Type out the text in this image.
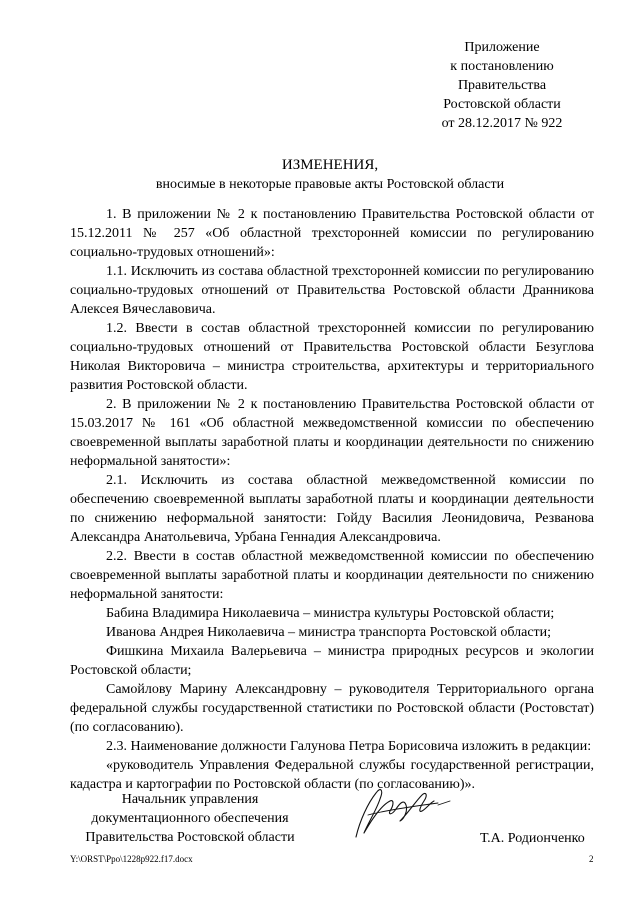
Приложение
к постановлению
Правительства
Ростовской области
от 28.12.2017 № 922
ИЗМЕНЕНИЯ,
вносимые в некоторые правовые акты Ростовской области

1. В приложении № 2 к постановлению Правительства Ростовской области от 15.12.2011 № 257 «Об областной трехсторонней комиссии по регулированию социально-трудовых отношений»:

1.1. Исключить из состава областной трехсторонней комиссии по регулированию социально-трудовых отношений от Правительства Ростовской области Дранникова Алексея Вячеславовича.

1.2. Ввести в состав областной трехсторонней комиссии по регулированию социально-трудовых отношений от Правительства Ростовской области Безуглова Николая Викторовича – министра строительства, архитектуры и территориального развития Ростовской области.

2. В приложении № 2 к постановлению Правительства Ростовской области от 15.03.2017 № 161 «Об областной межведомственной комиссии по обеспечению своевременной выплаты заработной платы и координации деятельности по снижению неформальной занятости»:

2.1. Исключить из состава областной межведомственной комиссии по обеспечению своевременной выплаты заработной платы и координации деятельности по снижению неформальной занятости: Гойду Василия Леонидовича, Резванова Александра Анатольевича, Урбана Геннадия Александровича.

2.2. Ввести в состав областной межведомственной комиссии по обеспечению своевременной выплаты заработной платы и координации деятельности по снижению неформальной занятости:

Бабина Владимира Николаевича – министра культуры Ростовской области;

Иванова Андрея Николаевича – министра транспорта Ростовской области;

Фишкина Михаила Валерьевича – министра природных ресурсов и экологии Ростовской области;

Самойлову Марину Александровну – руководителя Территориального органа федеральной службы государственной статистики по Ростовской области (Ростовстат) (по согласованию).

2.3. Наименование должности Галунова Петра Борисовича изложить в редакции:

«руководитель Управления Федеральной службы государственной регистрации, кадастра и картографии по Ростовской области (по согласованию)».

Начальник управления
документационного обеспечения
Правительства Ростовской области	Т.А. Родионченко
Y:\ORST\Ppo\1228p922.f17.docx	2
